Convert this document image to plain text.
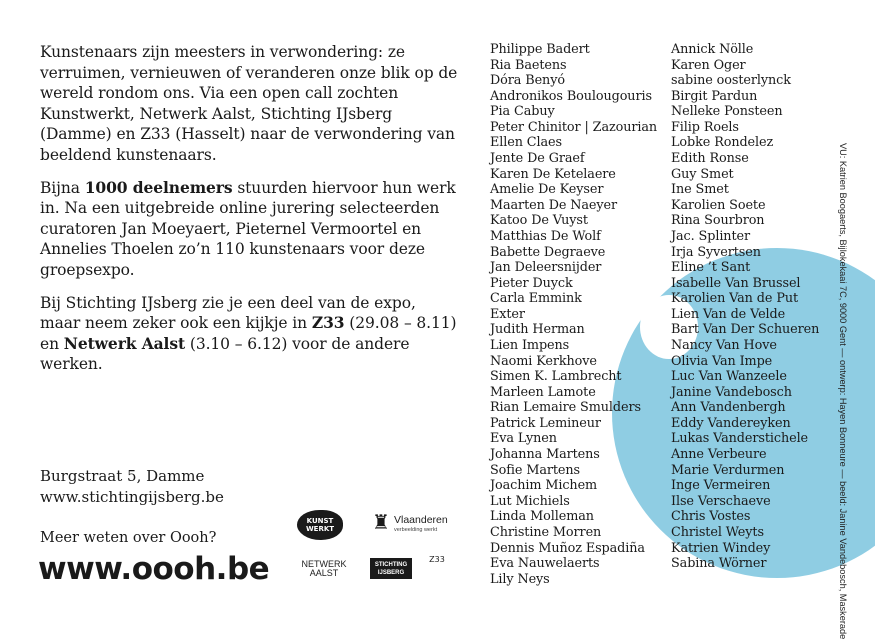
Kunstenaars zijn meesters in verwondering: ze verruimen, vernieuwen of veranderen onze blik op de wereld rondom ons. Via een open call zochten Kunstwerkt, Netwerk Aalst, Stichting IJsberg (Damme) en Z33 (Hasselt) naar de verwondering van beeldend kunstenaars.

Bijna 1000 deelnemers stuurden hiervoor hun werk in. Na een uitgebreide online jurering selecteerden curatoren Jan Moeyaert, Pieternel Vermoortel en Annelies Thoelen zo’n 110 kunstenaars voor deze groepsexpo.

Bij Stichting IJsberg zie je een deel van de expo, maar neem zeker ook een kijkje in Z33 (29.08 – 8.11) en Netwerk Aalst (3.10 – 6.12) voor de andere werken.

Burgstraat 5, Damme
www.stichtingijsberg.be
Meer weten over Oooh?
www.oooh.be
KUNST
WERKT	♜ Vlaanderen
verbeelding werkt
NETWERK
AALST
STICHTING
IJSBERG
Z33
Philippe Badert
Ria Baetens
Dóra Benyó
Andronikos Boulougouris
Pia Cabuy
Peter Chinitor | Zazourian
Ellen Claes
Jente De Graef
Karen De Ketelaere
Amelie De Keyser
Maarten De Naeyer
Katoo De Vuyst
Matthias De Wolf
Babette Degraeve
Jan Deleersnijder
Pieter Duyck
Carla Emmink
Exter
Judith Herman
Lien Impens
Naomi Kerkhove
Simen K. Lambrecht
Marleen Lamote
Rian Lemaire Smulders
Patrick Lemineur
Eva Lynen
Johanna Martens
Sofie Martens
Joachim Michem
Lut Michiels
Linda Molleman
Christine Morren
Dennis Muñoz Espadiña
Eva Nauwelaerts
Lily Neys
Annick Nölle
Karen Oger
sabine oosterlynck
Birgit Pardun
Nelleke Ponsteen
Filip Roels
Lobke Rondelez
Edith Ronse
Guy Smet
Ine Smet
Karolien Soete
Rina Sourbron
Jac. Splinter
Irja Syvertsen
Eline ’t Sant
Isabelle Van Brussel
Karolien Van de Put
Lien Van de Velde
Bart Van Der Schueren
Nancy Van Hove
Olivia Van Impe
Luc Van Wanzeele
Janine Vandebosch
Ann Vandenbergh
Eddy Vandereyken
Lukas Vanderstichele
Anne Verbeure
Marie Verdurmen
Inge Vermeiren
Ilse Verschaeve
Chris Vostes
Christel Weyts
Katrien Windey
Sabina Wörner	VU: Katrien Boogaerts, Bijlokekaai 7C, 9000 Gent — ontwerp: Hayen Bonneure — beeld: Janine Vandebosch, Maskerade
